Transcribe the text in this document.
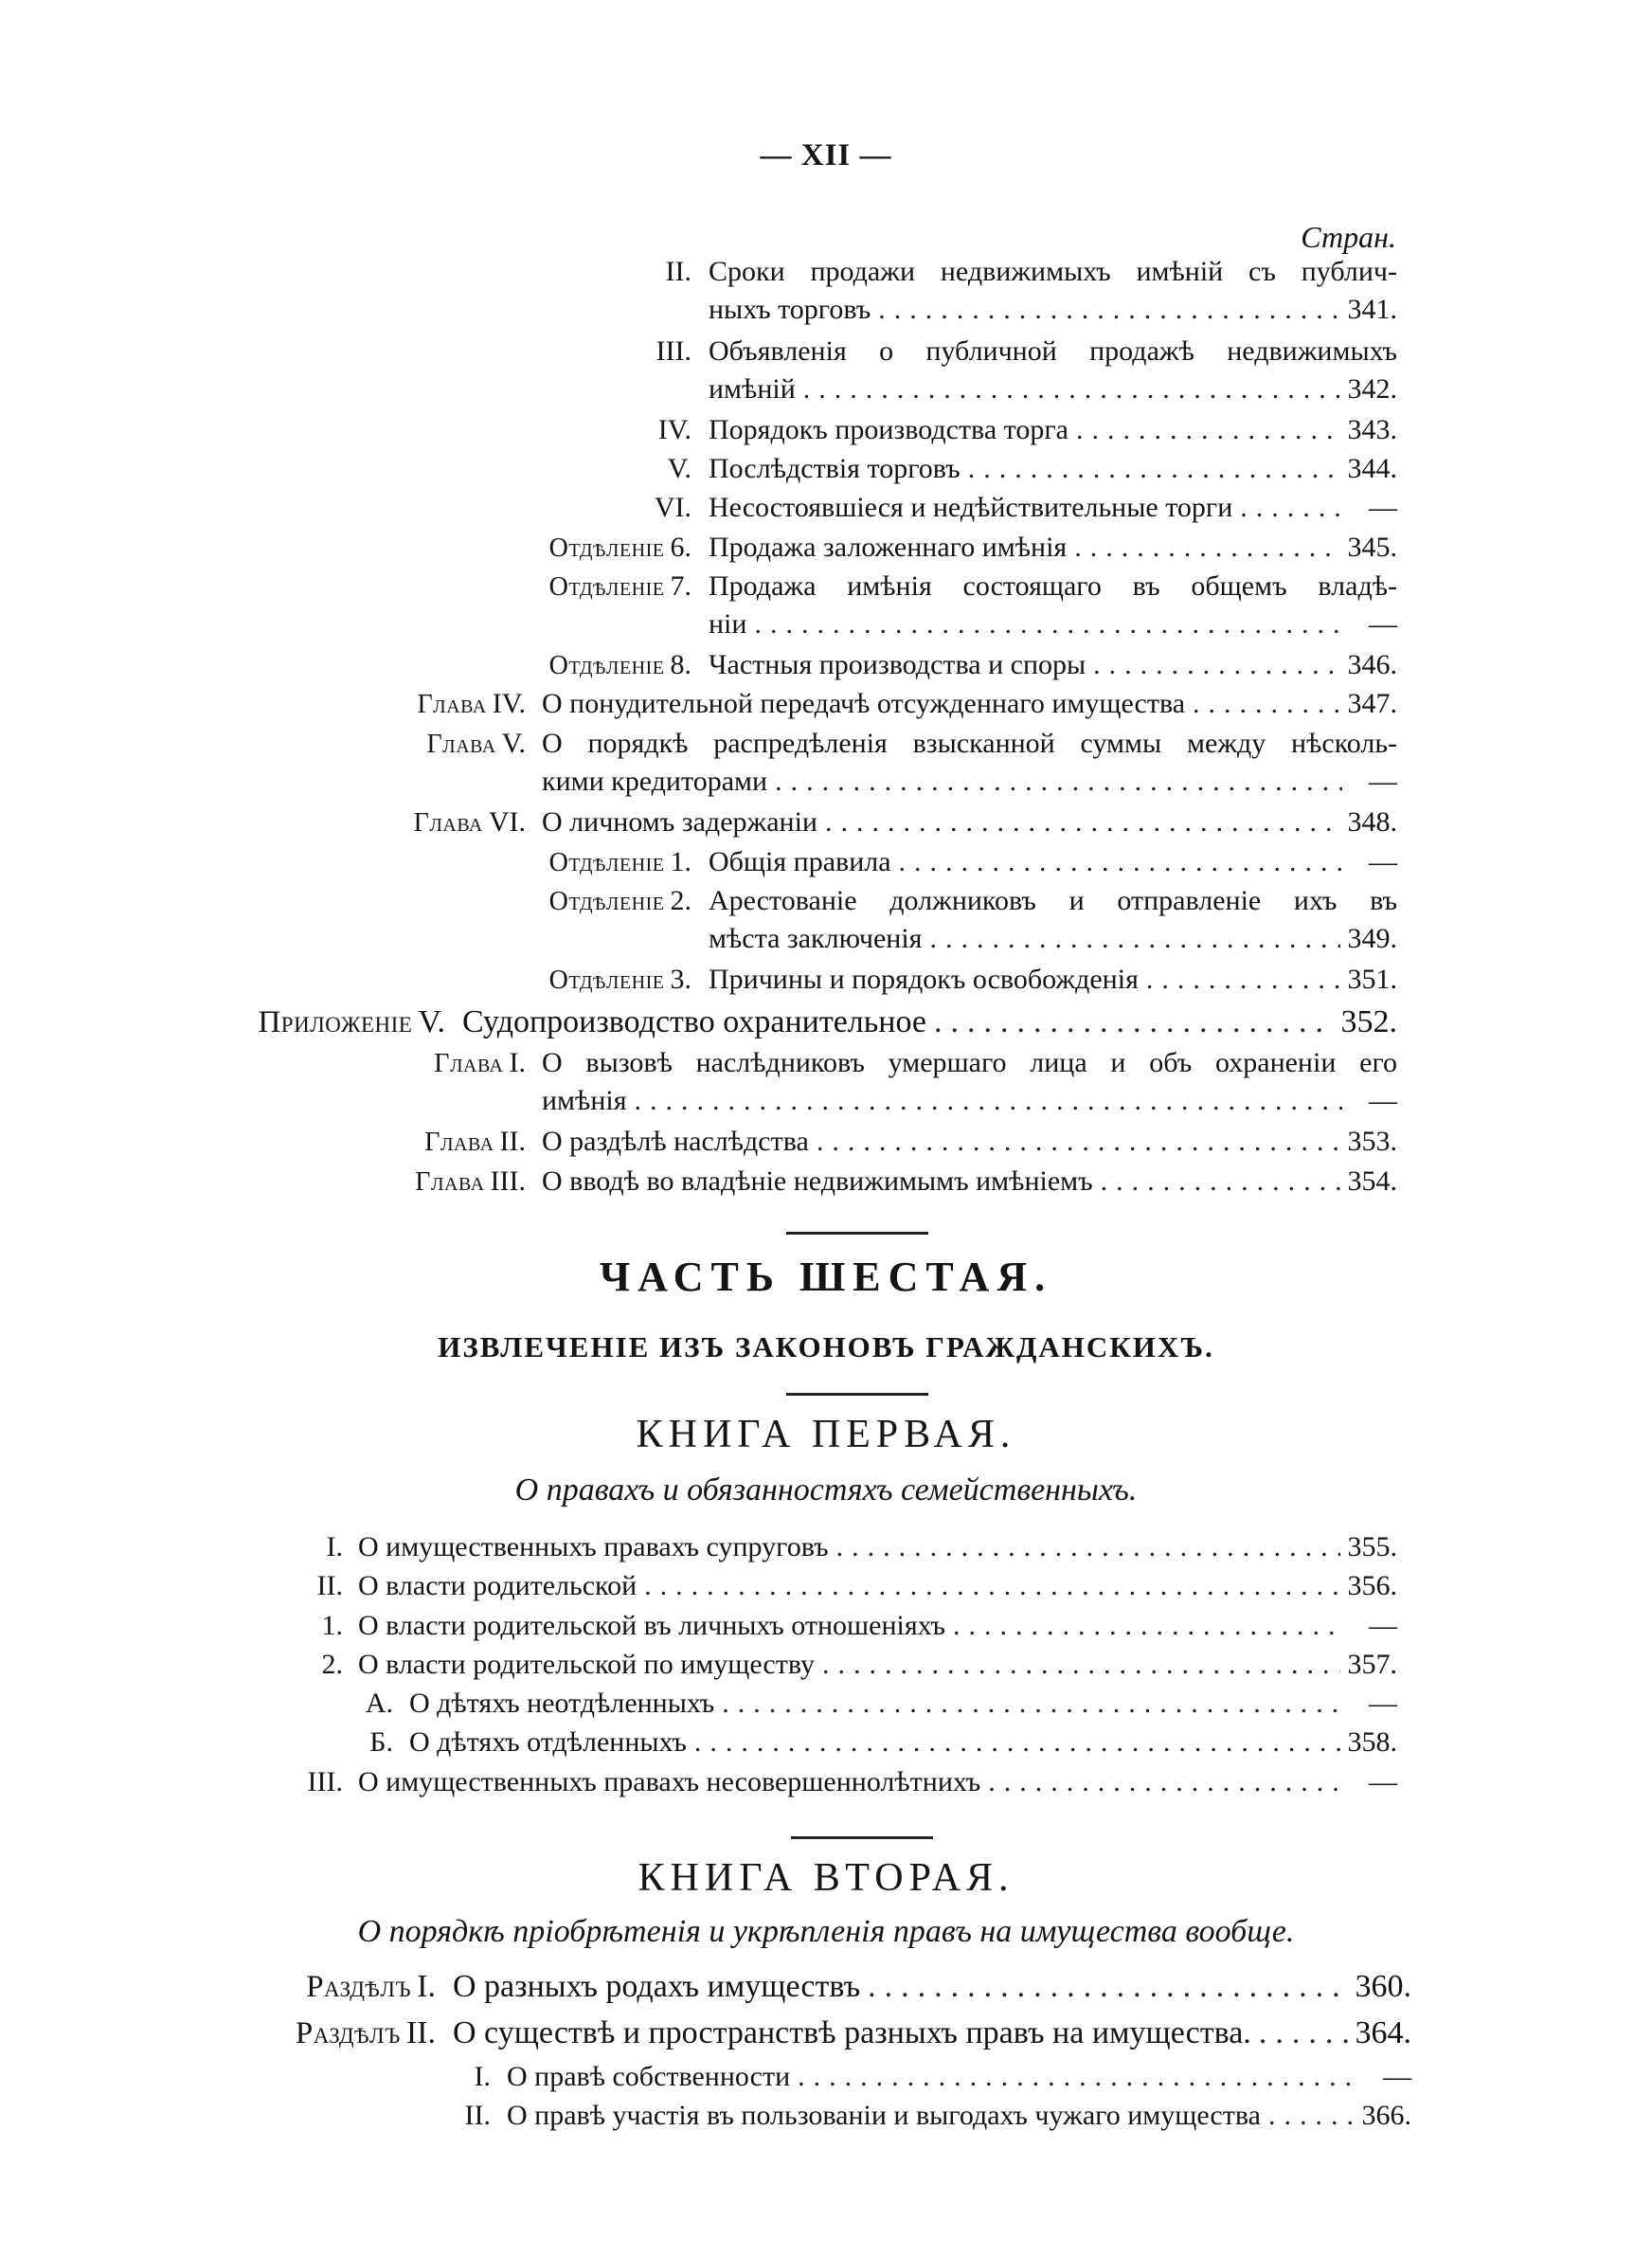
— XII —
Стран.
II. Сроки продажи недвижимыхъ имѣній съ публич-
ныхъ торговъ .....	341.
III. Объявленія о публичной продажѣ недвижимыхъ
имѣній .....	342.
IV. Порядокъ производства торга .....	343.
V. Послѣдствія торговъ .....	344.
VI. Несостоявшіеся и недѣйствительные торги .....	—
Отдѣленіе 6. Продажа заложеннаго имѣнія .....	345.
Отдѣленіе 7. Продажа имѣнія состоящаго въ общемъ владѣ-
ніи .....	—
Отдѣленіе 8. Частныя производства и споры .....	346.
Глава IV. О понудительной передачѣ отсужденнаго имущества .....	347.
Глава V. О порядкѣ распредѣленія взысканной суммы между нѣсколь-
кими кредиторами .....	—
Глава VI. О личномъ задержаніи .....	348.
Отдѣленіе 1. Общія правила .....	—
Отдѣленіе 2. Арестованіе должниковъ и отправленіе ихъ въ
мѣста заключенія .....	349.
Отдѣленіе 3. Причины и порядокъ освобожденія .....	351.
Приложеніе V. Судопроизводство охранительное .....	352.
Глава I. О вызовѣ наслѣдниковъ умершаго лица и объ охраненіи его
имѣнія .....	—
Глава II. О раздѣлѣ наслѣдства .....	353.
Глава III. О вводѣ во владѣніе недвижимымъ имѣніемъ .....	354.
ЧАСТЬ ШЕСТАЯ.
ИЗВЛЕЧЕНІЕ ИЗЪ ЗАКОНОВЪ ГРАЖДАНСКИХЪ.
КНИГА ПЕРВАЯ.
О правахъ и обязанностяхъ семейственныхъ.
I. О имущественныхъ правахъ супруговъ .....	355.
II. О власти родительской .....	356.
1. О власти родительской въ личныхъ отношеніяхъ .....	—
2. О власти родительской по имуществу .....	357.
А. О дѣтяхъ неотдѣленныхъ .....	—
Б. О дѣтяхъ отдѣленныхъ .....	358.
III. О имущественныхъ правахъ несовершеннолѣтнихъ .....	—
КНИГА ВТОРАЯ.
О порядкѣ пріобрѣтенія и укрѣпленія правъ на имущества вообще.
Раздѣлъ I. О разныхъ родахъ имуществъ .....	360.
Раздѣлъ II. О существѣ и пространствѣ разныхъ правъ на имущества. .....	364.
I. О правѣ собственности .....	—
II. О правѣ участія въ пользованіи и выгодахъ чужаго имущества .....	366.
